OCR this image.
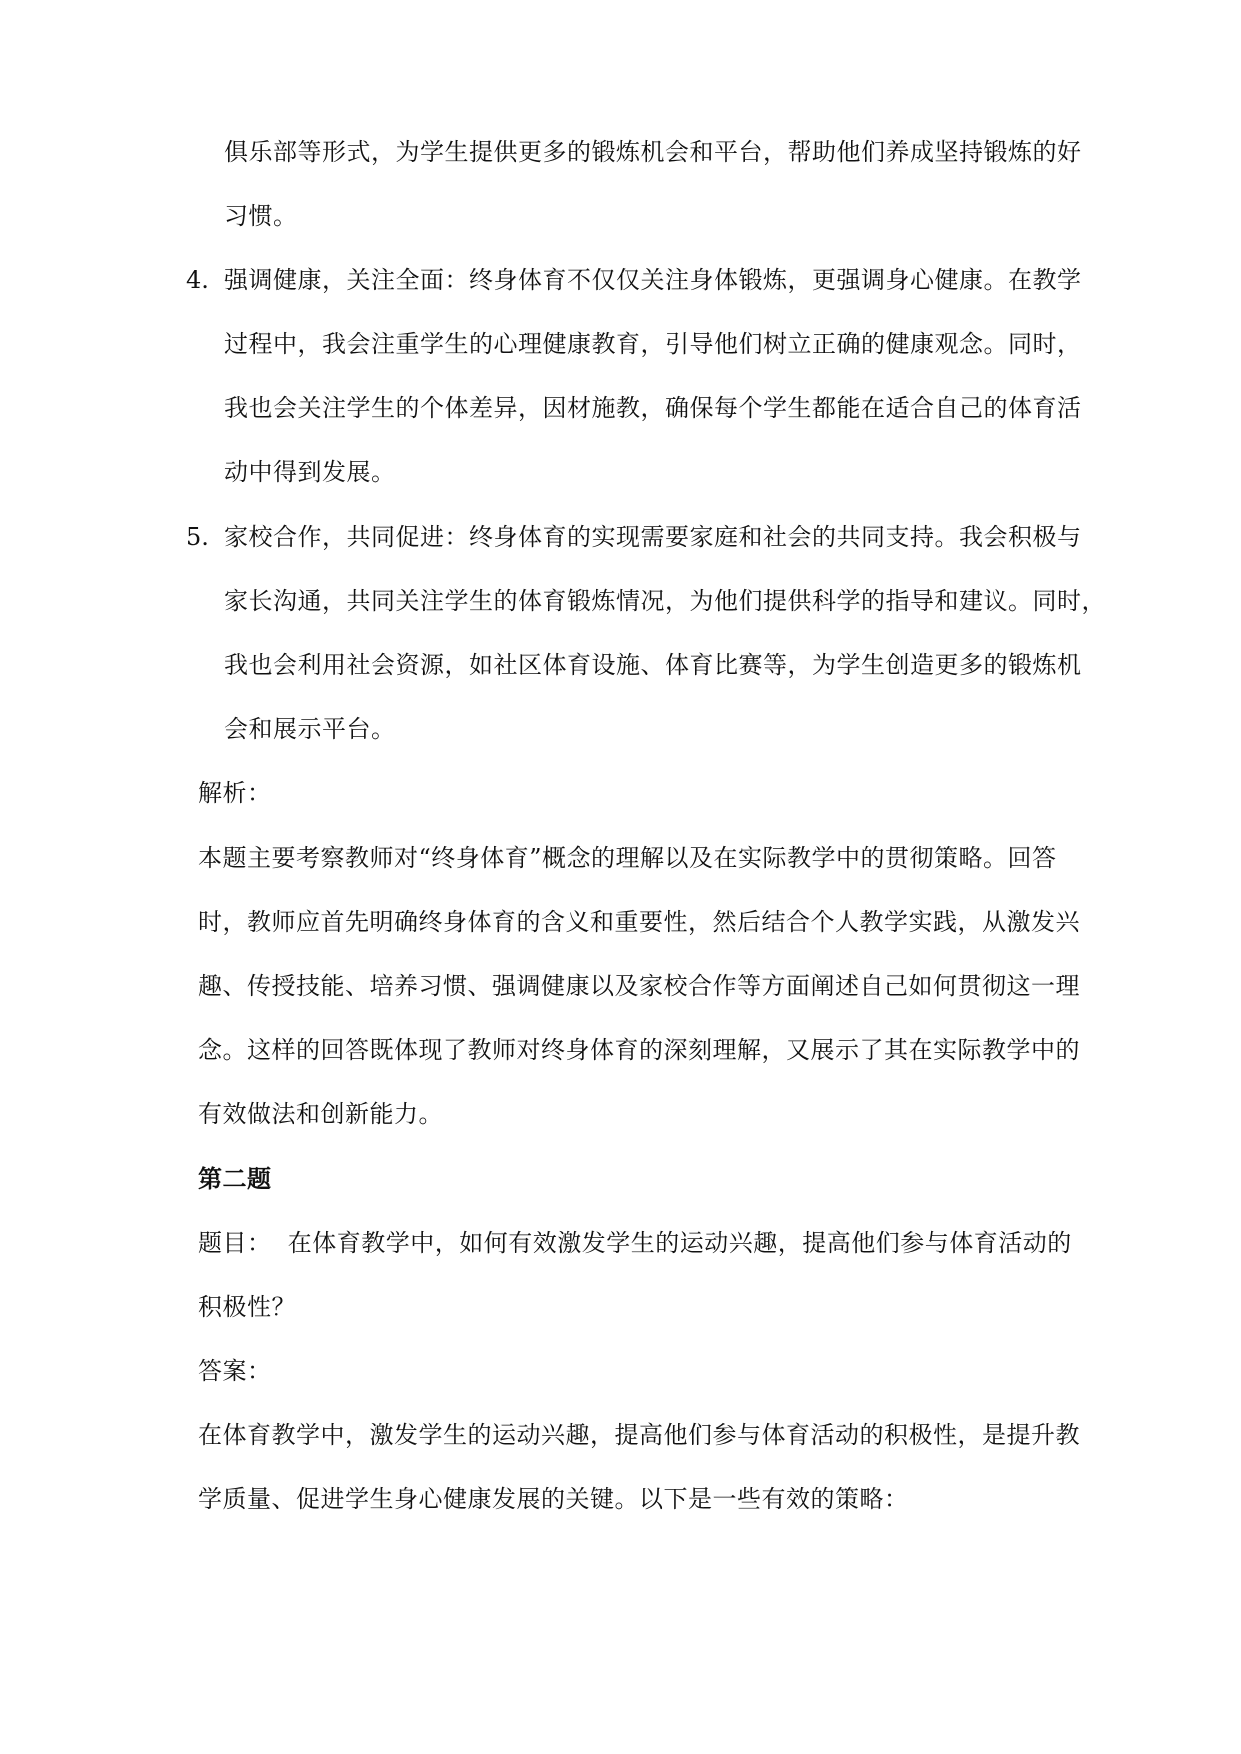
俱乐部等形式，为学生提供更多的锻炼机会和平台，帮助他们养成坚持锻炼的好
习惯。
4. 强调健康，关注全面：终身体育不仅仅关注身体锻炼，更强调身心健康。在教学
过程中，我会注重学生的心理健康教育，引导他们树立正确的健康观念。同时，
我也会关注学生的个体差异，因材施教，确保每个学生都能在适合自己的体育活
动中得到发展。
5. 家校合作，共同促进：终身体育的实现需要家庭和社会的共同支持。我会积极与
家长沟通，共同关注学生的体育锻炼情况，为他们提供科学的指导和建议。同时，
我也会利用社会资源，如社区体育设施、体育比赛等，为学生创造更多的锻炼机
会和展示平台。
解析：
本题主要考察教师对“终身体育”概念的理解以及在实际教学中的贯彻策略。回答
时，教师应首先明确终身体育的含义和重要性，然后结合个人教学实践，从激发兴
趣、传授技能、培养习惯、强调健康以及家校合作等方面阐述自己如何贯彻这一理
念。这样的回答既体现了教师对终身体育的深刻理解，又展示了其在实际教学中的
有效做法和创新能力。
第二题
题目：  在体育教学中，如何有效激发学生的运动兴趣，提高他们参与体育活动的
积极性？
答案：
在体育教学中，激发学生的运动兴趣，提高他们参与体育活动的积极性，是提升教
学质量、促进学生身心健康发展的关键。以下是一些有效的策略：
